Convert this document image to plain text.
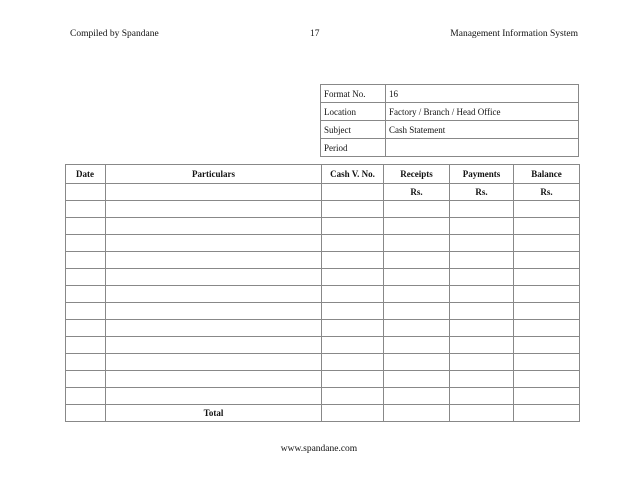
Compiled by Spandane	17	Management Information System
Format No.	16
Location	Factory / Branch / Head Office
Subject	Cash Statement
Period	
Date	Particulars	Cash V. No.	Receipts	Payments	Balance
			Rs.	Rs.	Rs.

	Total				
www.spandane.com
